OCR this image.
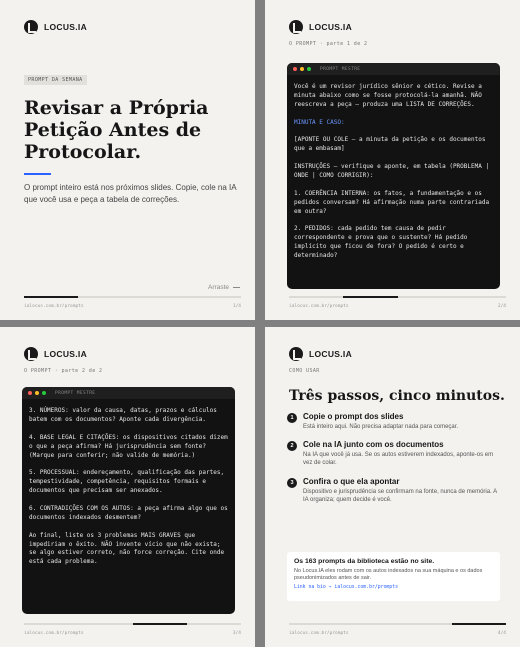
LOCUS.IA
PROMPT DA SEMANA
Revisar a Própria Petição Antes de Protocolar.

O prompt inteiro está nos próximos slides. Copie, cole na IA que você usa e peça a tabela de correções.

Arraste
ialocus.com.br/prompts	1/4
LOCUS.IA
O PROMPT · parte 1 de 2
PROMPT MESTRE

Você é um revisor jurídico sênior e cético. Revise a minuta abaixo como se fosse protocolá-la amanhã. NÃO reescreva a peça — produza uma LISTA DE CORREÇÕES.

MINUTA E CASO:

[APONTE OU COLE — a minuta da petição e os documentos que a embasam]

INSTRUÇÕES — verifique e aponte, em tabela (PROBLEMA | ONDE | COMO CORRIGIR):

1. COERÊNCIA INTERNA: os fatos, a fundamentação e os pedidos conversam? Há afirmação numa parte contrariada em outra?

2. PEDIDOS: cada pedido tem causa de pedir correspondente e prova que o sustente? Há pedido implícito que ficou de fora? O pedido é certo e determinado?

ialocus.com.br/prompts	2/4
LOCUS.IA
O PROMPT · parte 2 de 2
PROMPT MESTRE

3. NÚMEROS: valor da causa, datas, prazos e cálculos batem com os documentos? Aponte cada divergência.

4. BASE LEGAL E CITAÇÕES: os dispositivos citados dizem o que a peça afirma? Há jurisprudência sem fonte? (Marque para conferir; não valide de memória.)

5. PROCESSUAL: endereçamento, qualificação das partes, tempestividade, competência, requisitos formais e documentos que precisam ser anexados.

6. CONTRADIÇÕES COM OS AUTOS: a peça afirma algo que os documentos indexados desmentem?

Ao final, liste os 3 problemas MAIS GRAVES que impediriam o êxito. NÃO invente vício que não exista; se algo estiver correto, não force correção. Cite onde está cada problema.

ialocus.com.br/prompts	3/4
LOCUS.IA
COMO USAR
Três passos, cinco minutos.
1	Copie o prompt dos slides
Está inteiro aqui. Não precisa adaptar nada para começar.
2	Cole na IA junto com os documentos
Na IA que você já usa. Se os autos estiverem indexados, aponte-os em vez de colar.
3	Confira o que ela apontar
Dispositivo e jurisprudência se confirmam na fonte, nunca de memória. A IA organiza; quem decide é você.
Os 163 prompts da biblioteca estão no site.
No Locus.IA eles rodam com os autos indexados na sua máquina e os dados pseudonimizados antes de sair.
Link na bio → ialocus.com.br/prompts
ialocus.com.br/prompts	4/4
